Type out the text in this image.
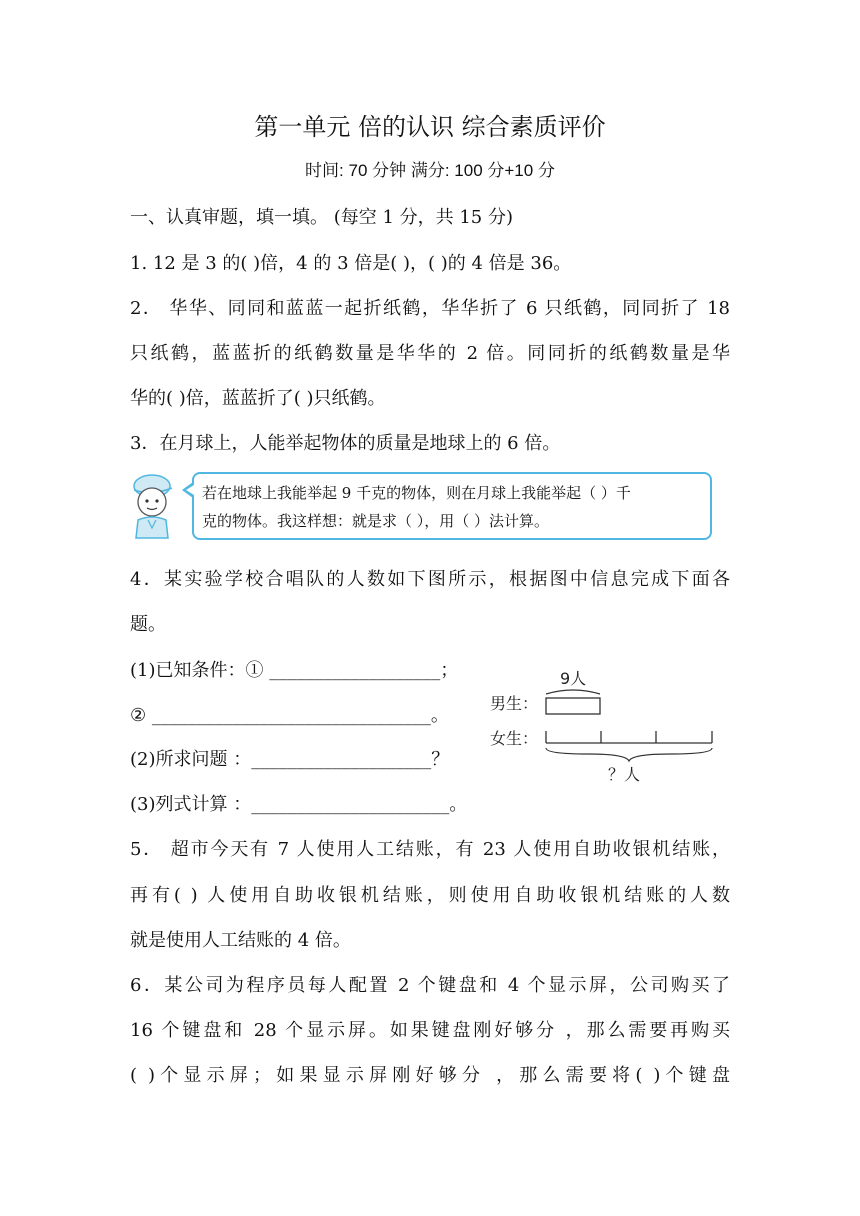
第一单元 倍的认识 综合素质评价
时间: 70 分钟 满分: 100 分+10 分
一、认真审题，填一填。 (每空 1 分，共 15 分)
1. 12 是 3 的( )倍，4 的 3 倍是( )，( )的 4 倍是 36。
2． 华华、同同和蓝蓝一起折纸鹤，华华折了 6 只纸鹤，同同折了 18
只纸鹤，蓝蓝折的纸鹤数量是华华的 2 倍。同同折的纸鹤数量是华
华的( )倍，蓝蓝折了( )只纸鹤。
3．在月球上，人能举起物体的质量是地球上的 6 倍。
若在地球上我能举起 9 千克的物体，则在月球上我能举起（ ）千
克的物体。我这样想：就是求（ ），用（ ）法计算。
4．某实验学校合唱队的人数如下图所示，根据图中信息完成下面各
题。
(1)已知条件：① ___________________；
② _______________________________。
(2)所求问题 ：____________________？
(3)列式计算 ：______________________。
9人
男生：
女生：
？人
5． 超市今天有 7 人使用人工结账，有 23 人使用自助收银机结账，
再有( ) 人使用自助收银机结账，则使用自助收银机结账的人数
就是使用人工结账的 4 倍。
6．某公司为程序员每人配置 2 个键盘和 4 个显示屏，公司购买了
16 个键盘和 28 个显示屏。如果键盘刚好够分 ，那么需要再购买
( )个显示屏；如果显示屏刚好够分 ，那么需要将( )个键盘
